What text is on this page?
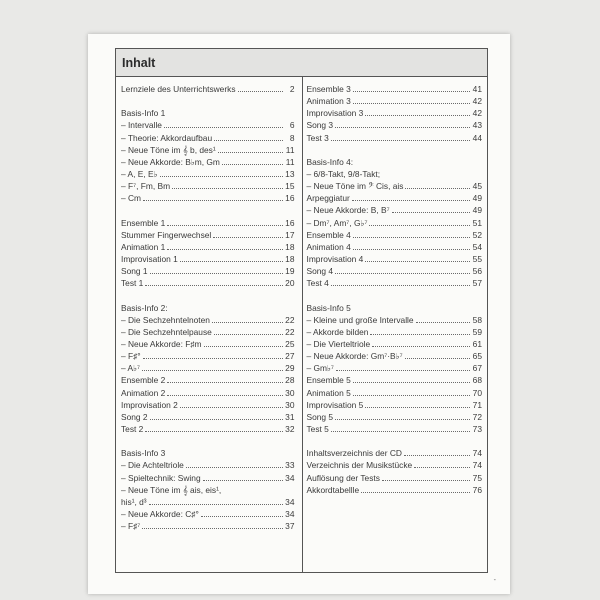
Inhalt
Lernziele des Unterrichtswerks	2
Basis-Info 1
– Intervalle	6
– Theorie: Akkordaufbau	8
– Neue Töne im 𝄞 b, des¹	11
– Neue Akkorde: B♭m, Gm	11
– A, E, E♭	13
– F⁷, Fm, Bm	15
– Cm	16
Ensemble 1	16
Stummer Fingerwechsel	17
Animation 1	18
Improvisation 1	18
Song 1	19
Test 1	20
Basis-Info 2:
– Die Sechzehntelnoten	22
– Die Sechzehntelpause	22
– Neue Akkorde: F♯m	25
– F♯°	27
– A♭⁷	29
Ensemble 2	28
Animation 2	30
Improvisation 2	30
Song 2	31
Test 2	32
Basis-Info 3
– Die Achteltriole	33
– Spieltechnik: Swing	34
– Neue Töne im 𝄞 ais, eis¹,
his¹, d³	34
– Neue Akkorde: C♯°	34
– F♯⁷	37
Ensemble 3	41
Animation 3	42
Improvisation 3	42
Song 3	43
Test 3	44
Basis-Info 4:
– 6/8-Takt, 9/8-Takt;
– Neue Töne im 𝄢 Cis, ais	45
Arpeggiatur	49
– Neue Akkorde: B, B⁷	49
– Dm⁷, Am⁷, G♭⁷	51
Ensemble 4	52
Animation 4	54
Improvisation 4	55
Song 4	56
Test 4	57
Basis-Info 5
– Kleine und große Intervalle	58
– Akkorde bilden	59
– Die Vierteltriole	61
– Neue Akkorde: Gm⁷·B♭⁷	65
– Gm♭⁷	67
Ensemble 5	68
Animation 5	70
Improvisation 5	71
Song 5	72
Test 5	73
Inhaltsverzeichnis der CD	74
Verzeichnis der Musikstücke	74
Auflösung der Tests	75
Akkordtabellle	76
-
